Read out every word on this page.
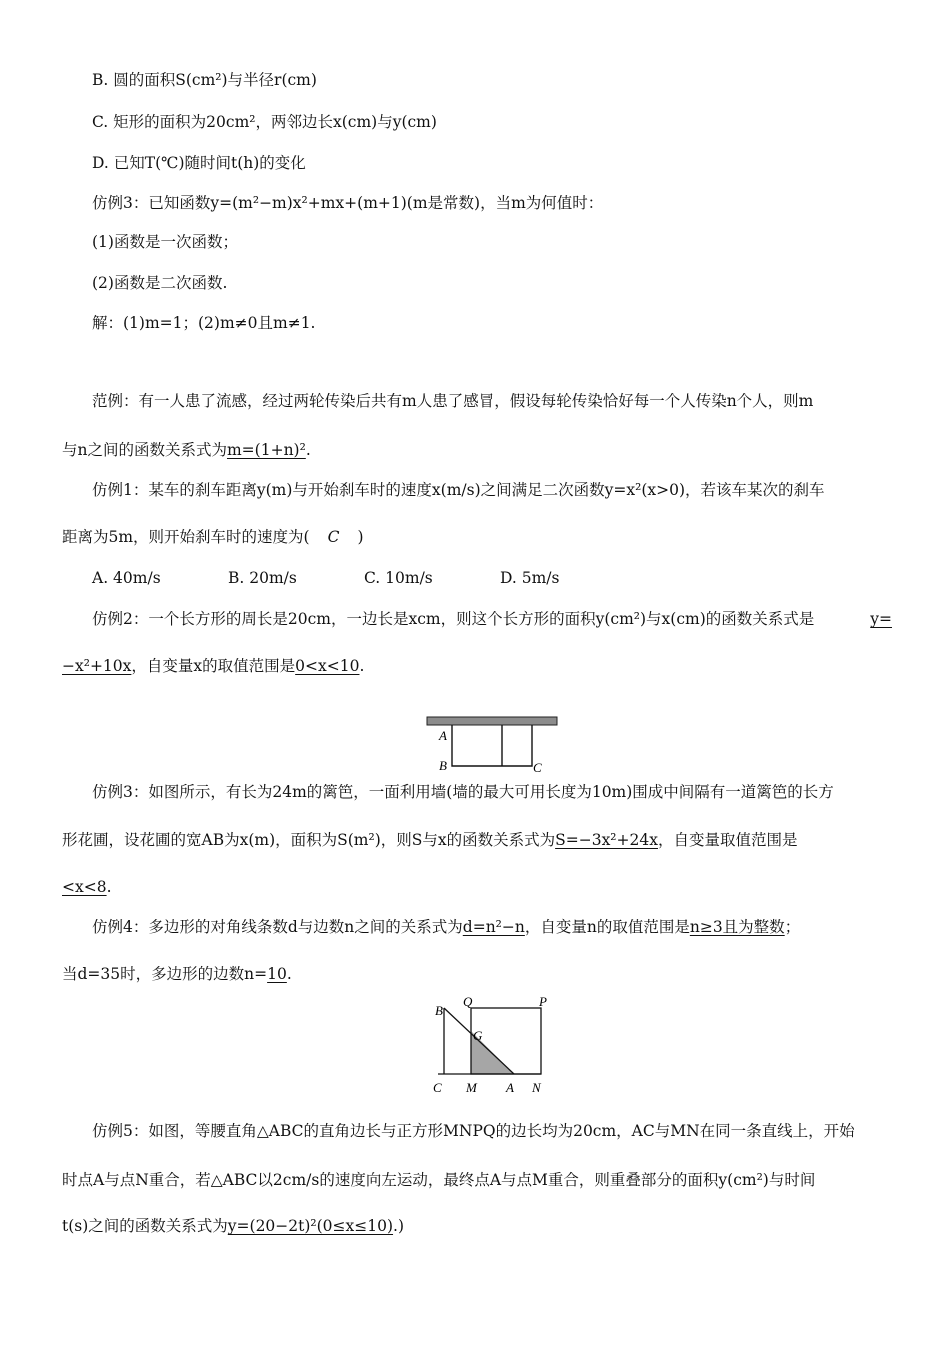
B. 圆的面积S(cm²)与半径r(cm)
C. 矩形的面积为20cm²，两邻边长x(cm)与y(cm)
D. 已知T(℃)随时间t(h)的变化
仿例3：已知函数y=(m²−m)x²+mx+(m+1)(m是常数)，当m为何值时：
(1)函数是一次函数；
(2)函数是二次函数.
解：(1)m=1；(2)m≠0且m≠1.
范例：有一人患了流感，经过两轮传染后共有m人患了感冒，假设每轮传染恰好每一个人传染n个人，则m
与n之间的函数关系式为m=(1+n)².
仿例1：某车的刹车距离y(m)与开始刹车时的速度x(m/s)之间满足二次函数y=x²(x>0)，若该车某次的刹车
距离为5m，则开始刹车时的速度为( C )
A. 40m/s	B. 20m/s	C. 10m/s	D. 5m/s
仿例2：一个长方形的周长是20cm，一边长是xcm，则这个长方形的面积y(cm²)与x(cm)的函数关系式是	y=
−x²+10x，自变量x的取值范围是0<x<10.
A
B	C
仿例3：如图所示，有长为24m的篱笆，一面利用墙(墙的最大可用长度为10m)围成中间隔有一道篱笆的长方
形花圃，设花圃的宽AB为x(m)，面积为S(m²)，则S与x的函数关系式为S=−3x²+24x，自变量取值范围是
<x<8.
仿例4：多边形的对角线条数d与边数n之间的关系式为d=n²−n，自变量n的取值范围是n≥3且为整数；
当d=35时，多边形的边数n=10.
B
Q	P
G
C M A N
仿例5：如图，等腰直角△ABC的直角边长与正方形MNPQ的边长均为20cm，AC与MN在同一条直线上，开始
时点A与点N重合，若△ABC以2cm/s的速度向左运动，最终点A与点M重合，则重叠部分的面积y(cm²)与时间
t(s)之间的函数关系式为y=(20−2t)²(0≤x≤10).)
